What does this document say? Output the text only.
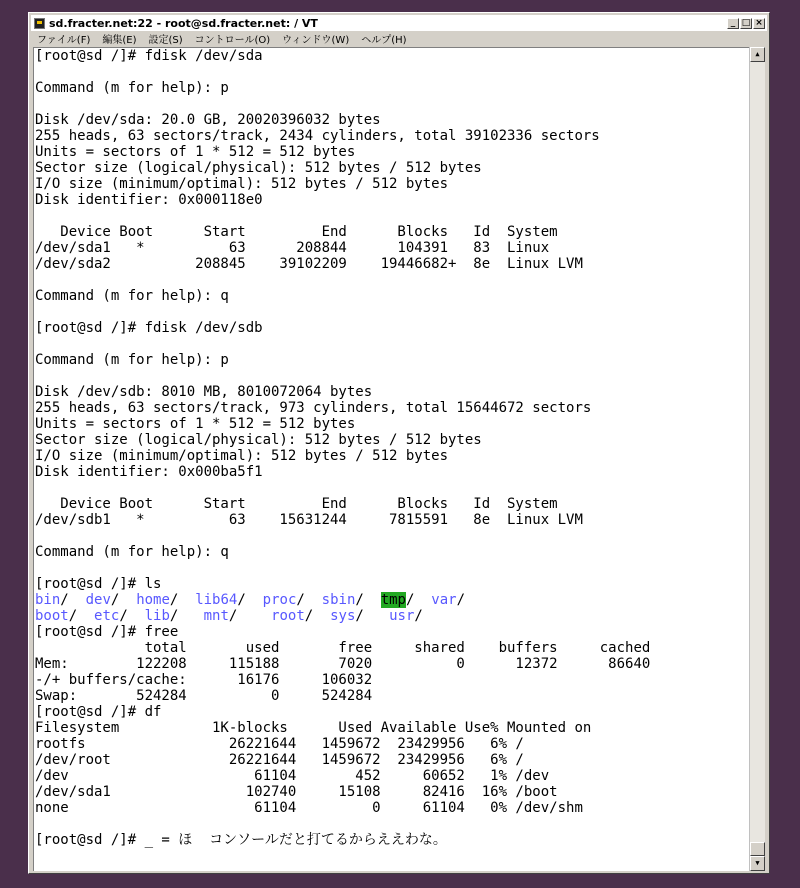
sd.fracter.net:22 - root@sd.fracter.net: / VT	_ □ ×
ファイル(F)	編集(E)	設定(S)	コントロール(O)	ウィンドウ(W)	ヘルプ(H)
[root@sd /]# fdisk /dev/sda
Command (m for help): p
Disk /dev/sda: 20.0 GB, 20020396032 bytes
255 heads, 63 sectors/track, 2434 cylinders, total 39102336 sectors
Units = sectors of 1 * 512 = 512 bytes
Sector size (logical/physical): 512 bytes / 512 bytes
I/O size (minimum/optimal): 512 bytes / 512 bytes
Disk identifier: 0x000118e0
Device Boot      Start         End      Blocks   Id  System
/dev/sda1   *          63      208844      104391   83  Linux
/dev/sda2          208845    39102209    19446682+  8e  Linux LVM
Command (m for help): q
[root@sd /]# fdisk /dev/sdb
Command (m for help): p
Disk /dev/sdb: 8010 MB, 8010072064 bytes
255 heads, 63 sectors/track, 973 cylinders, total 15644672 sectors
Units = sectors of 1 * 512 = 512 bytes
Sector size (logical/physical): 512 bytes / 512 bytes
I/O size (minimum/optimal): 512 bytes / 512 bytes
Disk identifier: 0x000ba5f1
Device Boot      Start         End      Blocks   Id  System
/dev/sdb1   *          63    15631244     7815591   8e  Linux LVM
Command (m for help): q
[root@sd /]# ls
bin/  dev/  home/  lib64/  proc/  sbin/  tmp/  var/
boot/  etc/  lib/   mnt/    root/  sys/   usr/
[root@sd /]# free
total       used       free     shared    buffers     cached
Mem:        122208     115188       7020          0      12372      86640
-/+ buffers/cache:      16176     106032
Swap:       524284          0     524284
[root@sd /]# df
Filesystem           1K-blocks      Used Available Use% Mounted on
rootfs                 26221644   1459672  23429956   6% /
/dev/root              26221644   1459672  23429956   6% /
/dev                      61104       452     60652   1% /dev
/dev/sda1                102740     15108     82416  16% /boot
none                      61104         0     61104   0% /dev/shm
[root@sd /]# _ = ほ  コンソールだと打てるからええわな。
▲
▼
